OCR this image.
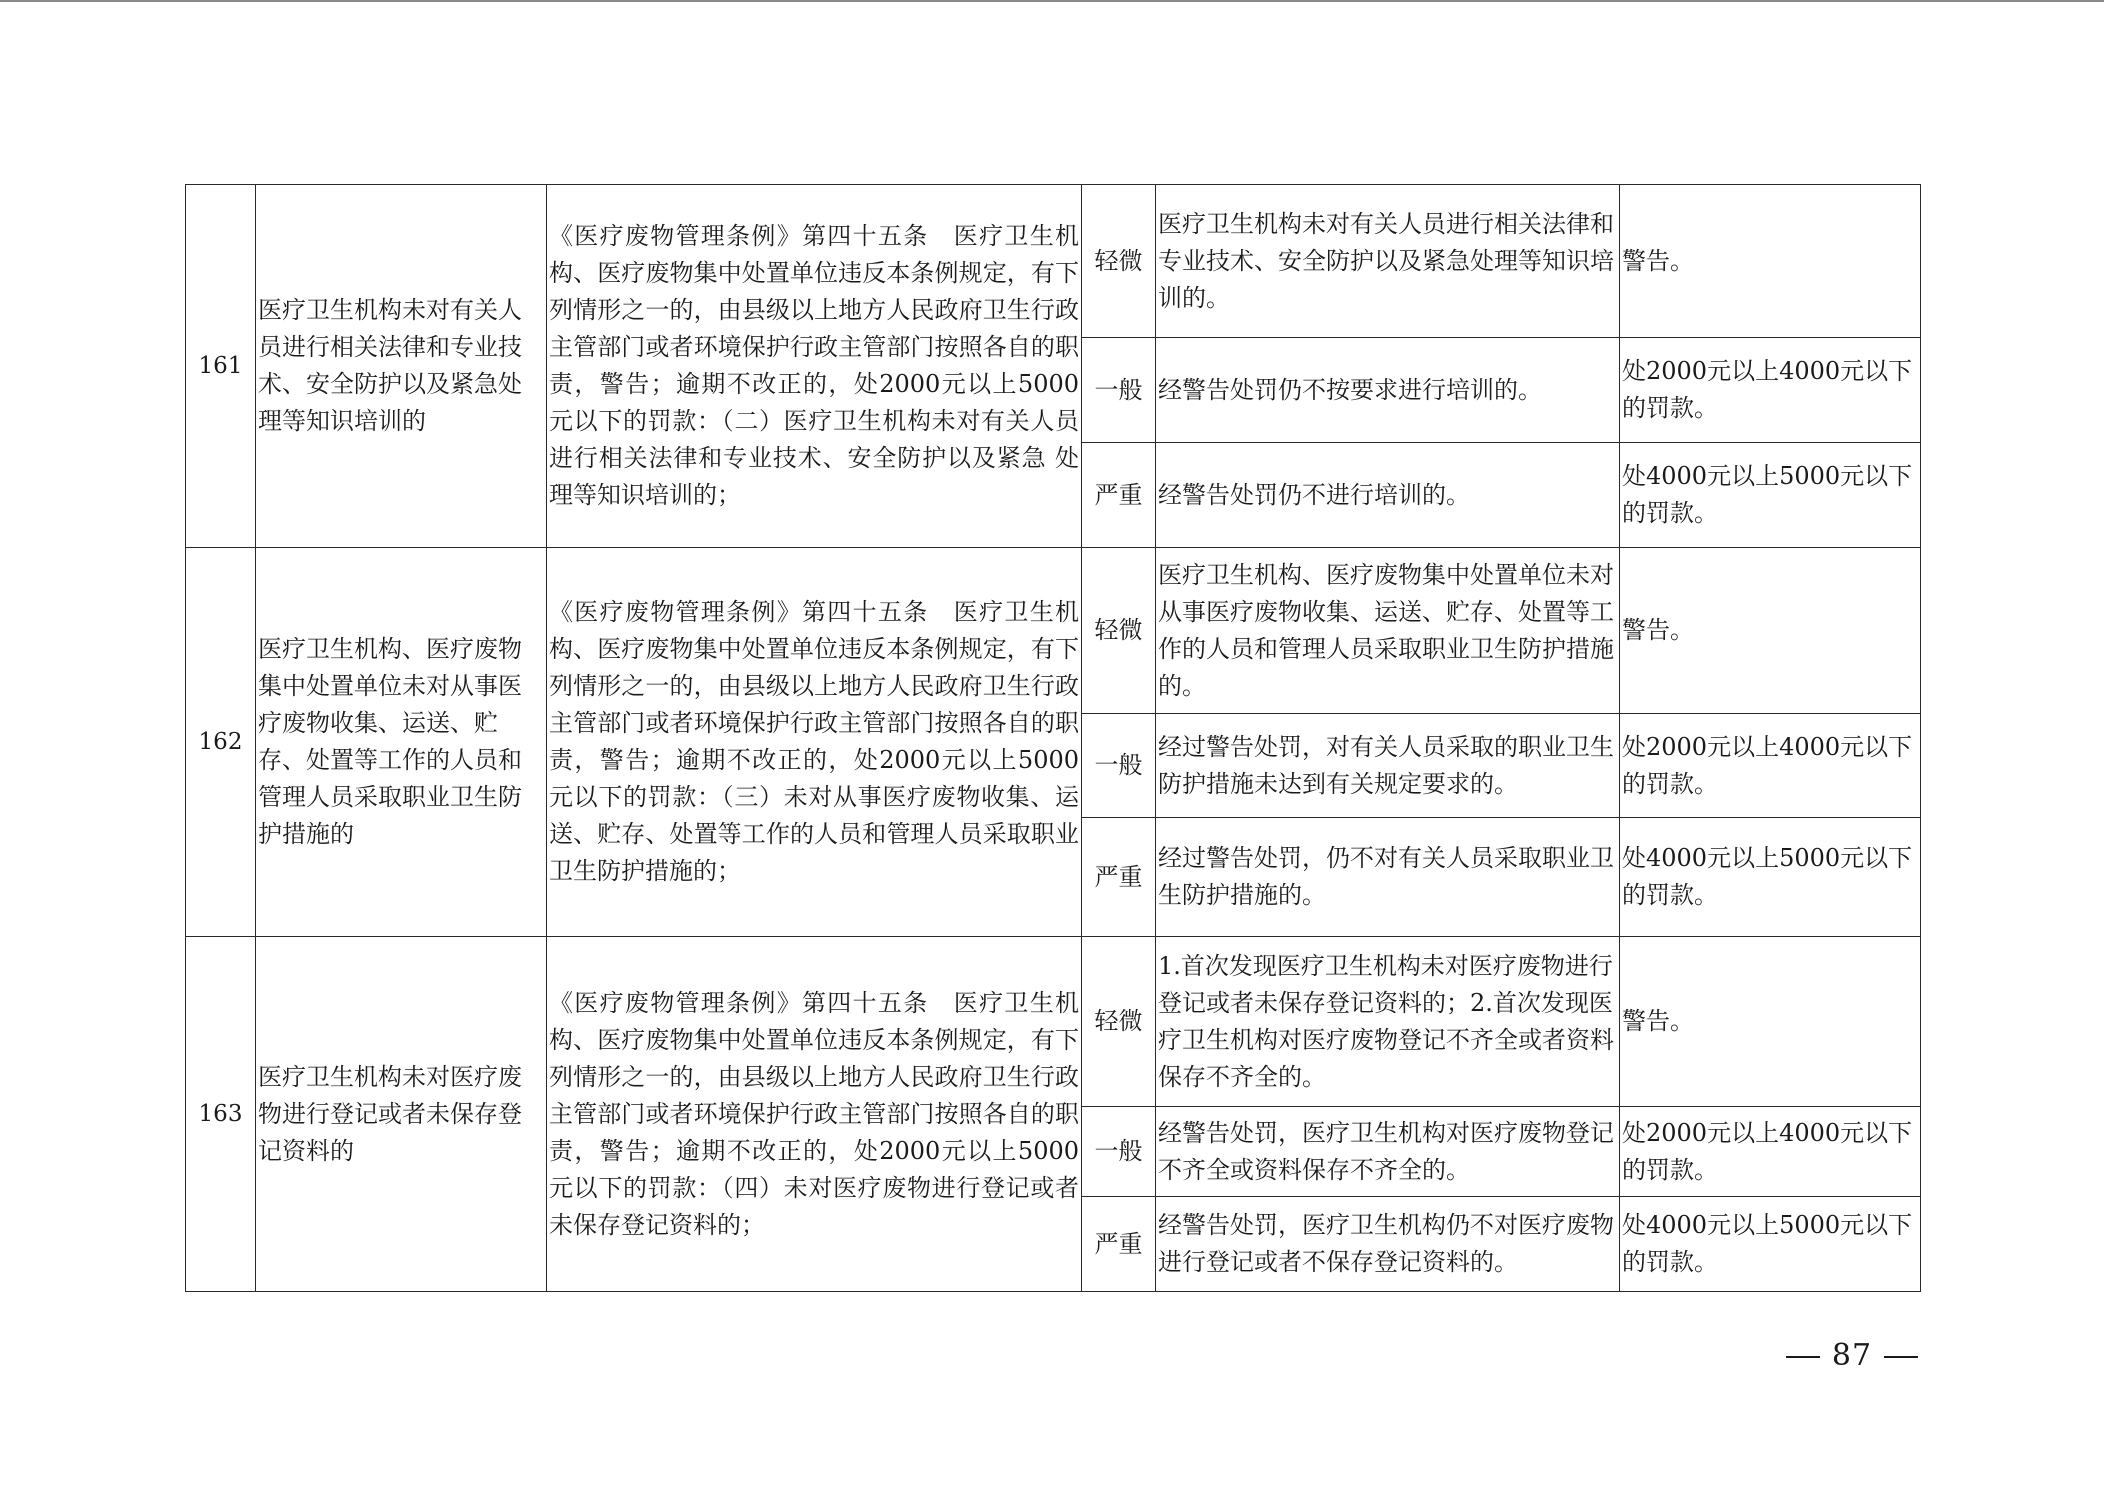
161	医疗卫生机构未对有关人员进行相关法律和专业技术、安全防护以及紧急处理等知识培训的	《医疗废物管理条例》第四十五条　医疗卫生机构、医疗废物集中处置单位违反本条例规定，有下列情形之一的，由县级以上地方人民政府卫生行政主管部门或者环境保护行政主管部门按照各自的职责，警告；逾期不改正的，处2000元以上5000元以下的罚款：（二）医疗卫生机构未对有关人员进行相关法律和专业技术、安全防护以及紧急 处理等知识培训的；	轻微	医疗卫生机构未对有关人员进行相关法律和专业技术、安全防护以及紧急处理等知识培训的。	警告。
			一般	经警告处罚仍不按要求进行培训的。	处2000元以上4000元以下的罚款。
			严重	经警告处罚仍不进行培训的。	处4000元以上5000元以下的罚款。
162	医疗卫生机构、医疗废物集中处置单位未对从事医疗废物收集、运送、贮存、处置等工作的人员和管理人员采取职业卫生防护措施的	《医疗废物管理条例》第四十五条　医疗卫生机构、医疗废物集中处置单位违反本条例规定，有下列情形之一的，由县级以上地方人民政府卫生行政主管部门或者环境保护行政主管部门按照各自的职责，警告；逾期不改正的，处2000元以上5000元以下的罚款：（三）未对从事医疗废物收集、运送、贮存、处置等工作的人员和管理人员采取职业卫生防护措施的；	轻微	医疗卫生机构、医疗废物集中处置单位未对从事医疗废物收集、运送、贮存、处置等工作的人员和管理人员采取职业卫生防护措施的。	警告。
			一般	经过警告处罚，对有关人员采取的职业卫生防护措施未达到有关规定要求的。	处2000元以上4000元以下的罚款。
			严重	经过警告处罚，仍不对有关人员采取职业卫生防护措施的。	处4000元以上5000元以下的罚款。
163	医疗卫生机构未对医疗废物进行登记或者未保存登记资料的	《医疗废物管理条例》第四十五条　医疗卫生机构、医疗废物集中处置单位违反本条例规定，有下列情形之一的，由县级以上地方人民政府卫生行政主管部门或者环境保护行政主管部门按照各自的职责，警告；逾期不改正的，处2000元以上5000元以下的罚款：（四）未对医疗废物进行登记或者未保存登记资料的；	轻微	1.首次发现医疗卫生机构未对医疗废物进行登记或者未保存登记资料的；2.首次发现医疗卫生机构对医疗废物登记不齐全或者资料保存不齐全的。	警告。
			一般	经警告处罚，医疗卫生机构对医疗废物登记不齐全或资料保存不齐全的。	处2000元以上4000元以下的罚款。
			严重	经警告处罚，医疗卫生机构仍不对医疗废物进行登记或者不保存登记资料的。	处4000元以上5000元以下的罚款。
87
